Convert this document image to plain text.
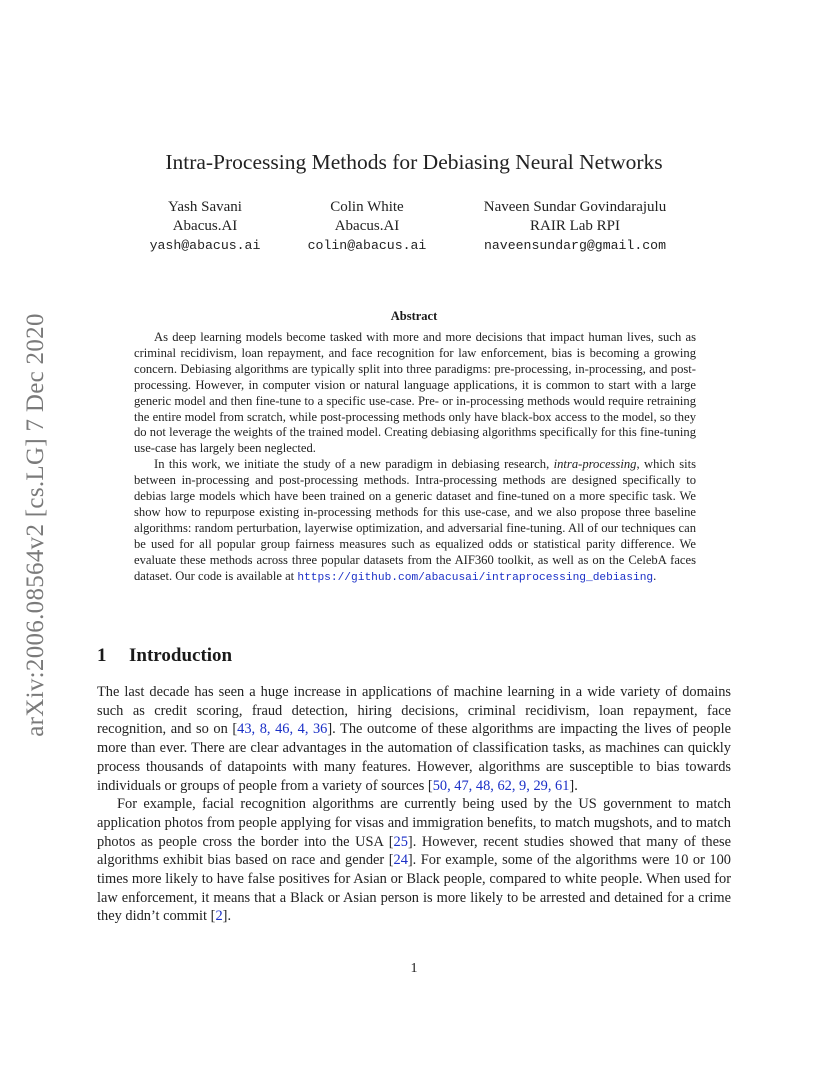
arXiv:2006.08564v2 [cs.LG] 7 Dec 2020
Intra-Processing Methods for Debiasing Neural Networks
Yash Savani
Abacus.AI
yash@abacus.ai
Colin White
Abacus.AI
colin@abacus.ai
Naveen Sundar Govindarajulu
RAIR Lab RPI
naveensundarg@gmail.com
Abstract

As deep learning models become tasked with more and more decisions that impact human lives, such as criminal recidivism, loan repayment, and face recognition for law enforcement, bias is becoming a growing concern. Debiasing algorithms are typically split into three paradigms: pre-processing, in-processing, and post-processing. However, in computer vision or natural language applications, it is common to start with a large generic model and then fine-tune to a specific use-case. Pre- or in-processing methods would require retraining the entire model from scratch, while post-processing methods only have black-box access to the model, so they do not leverage the weights of the trained model. Creating debiasing algorithms specifically for this fine-tuning use-case has largely been neglected.

In this work, we initiate the study of a new paradigm in debiasing research, intra-processing, which sits between in-processing and post-processing methods. Intra-processing methods are designed specifically to debias large models which have been trained on a generic dataset and fine-tuned on a more specific task. We show how to repurpose existing in-processing methods for this use-case, and we also propose three baseline algorithms: random perturbation, layerwise optimization, and adversarial fine-tuning. All of our techniques can be used for all popular group fairness measures such as equalized odds or statistical parity difference. We evaluate these methods across three popular datasets from the AIF360 toolkit, as well as on the CelebA faces dataset. Our code is available at https://github.com/abacusai/intraprocessing_debiasing.

1 Introduction

The last decade has seen a huge increase in applications of machine learning in a wide variety of domains such as credit scoring, fraud detection, hiring decisions, criminal recidivism, loan repayment, face recognition, and so on [43, 8, 46, 4, 36]. The outcome of these algorithms are impacting the lives of people more than ever. There are clear advantages in the automation of classification tasks, as machines can quickly process thousands of datapoints with many features. However, algorithms are susceptible to bias towards individuals or groups of people from a variety of sources [50, 47, 48, 62, 9, 29, 61].

For example, facial recognition algorithms are currently being used by the US government to match application photos from people applying for visas and immigration benefits, to match mugshots, and to match photos as people cross the border into the USA [25]. However, recent studies showed that many of these algorithms exhibit bias based on race and gender [24]. For example, some of the algorithms were 10 or 100 times more likely to have false positives for Asian or Black people, compared to white people. When used for law enforcement, it means that a Black or Asian person is more likely to be arrested and detained for a crime they didn’t commit [2].

1
